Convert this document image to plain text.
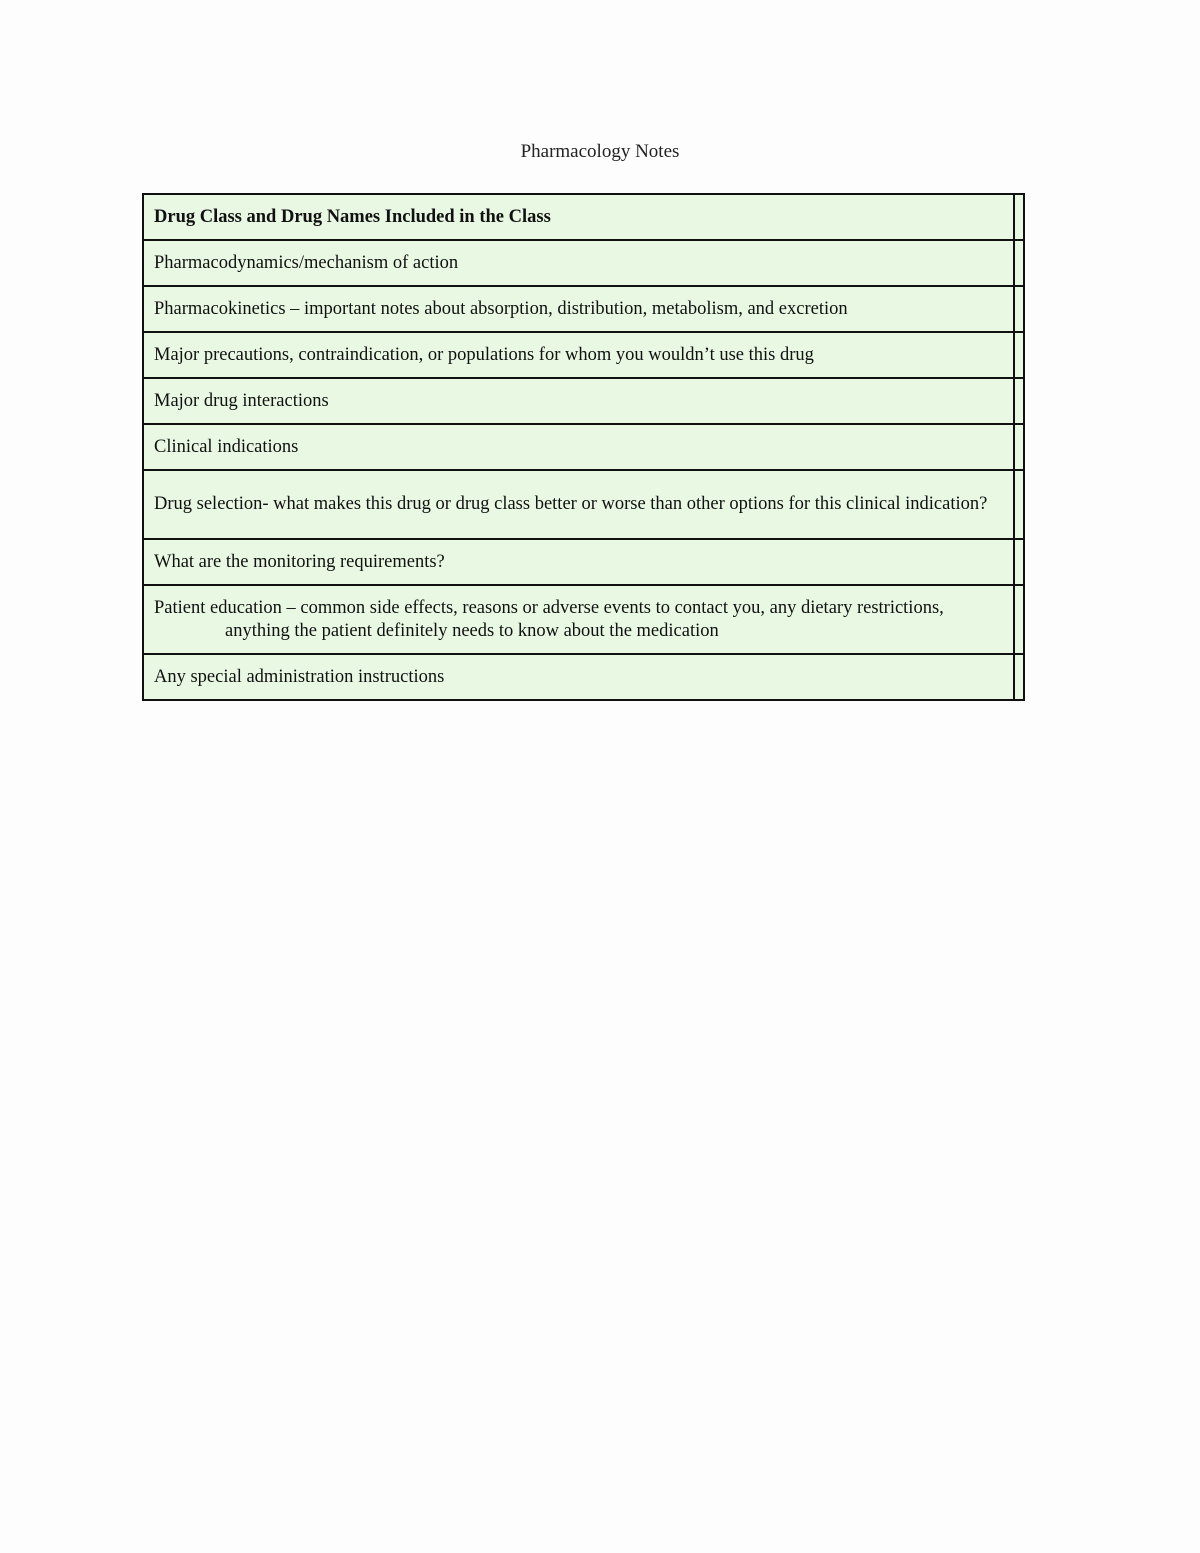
Pharmacology Notes
Drug Class and Drug Names Included in the Class	
Pharmacodynamics/mechanism of action	
Pharmacokinetics – important notes about absorption, distribution, metabolism, and excretion	
Major precautions, contraindication, or populations for whom you wouldn’t use this drug	
Major drug interactions	
Clinical indications	

Drug selection- what makes this drug or drug class better or worse than other options for this clinical indication?	

What are the monitoring requirements?	

Patient education – common side effects, reasons or adverse events to contact you, any dietary restrictions, anything the patient definitely needs to know about the medication	

Any special administration instructions	
